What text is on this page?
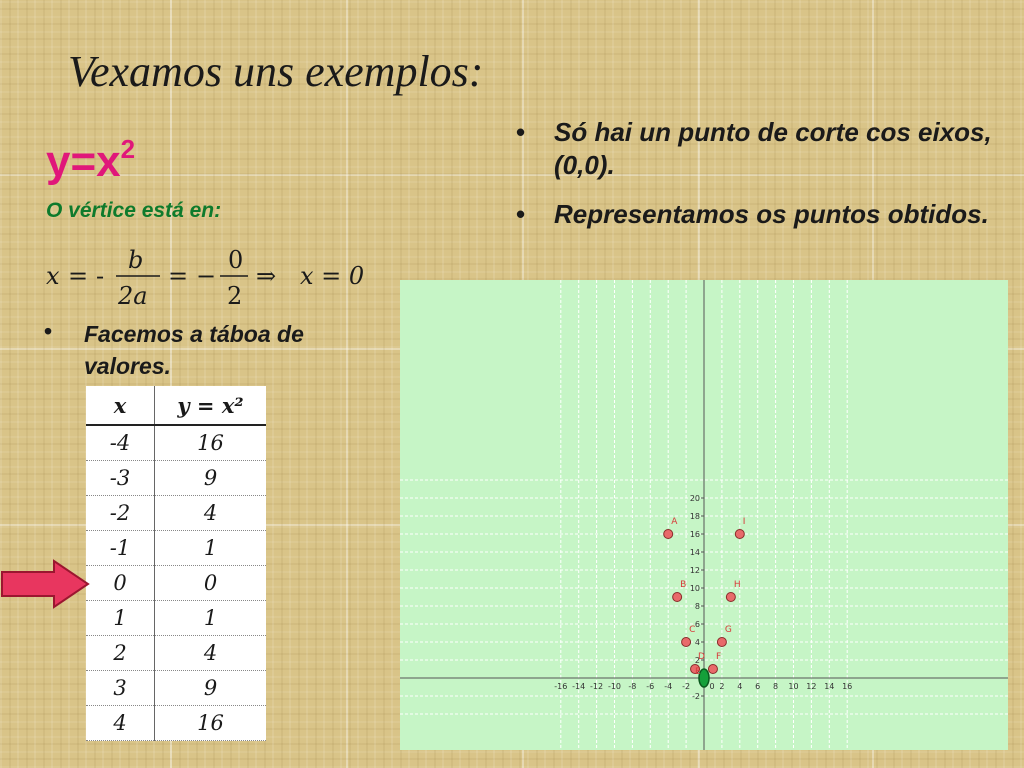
Vexamos uns exemplos:
$y=x^2$
O vértice está en:
x = -
b
2a
= −
0
2
⇒ x = 0
• Facemos a táboa de valores.
• Só hai un punto de corte cos eixos, (0,0).
• Representamos os puntos obtidos.
x	y = x²
-4	16
-3	9
-2	4
-1	1
0	0
1	1
2	4
3	9
4	16
-16 -14 -12 -10 -8 -6 -4 -2 0 2 4 6 8 10 12 14 16
20
18
16
14
12
10
8
6
4
2
-2
A
B
C
D
E
F
G
H
I
